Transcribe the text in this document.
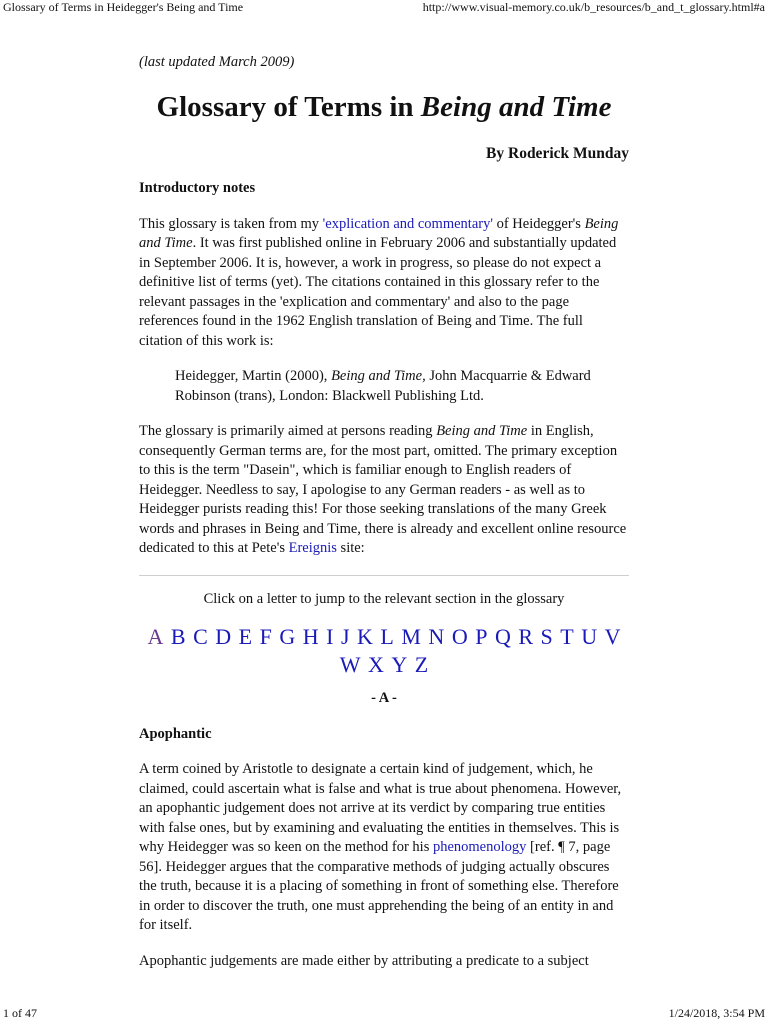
Glossary of Terms in Heidegger's Being and Time	http://www.visual-memory.co.uk/b_resources/b_and_t_glossary.html#a
(last updated March 2009)
Glossary of Terms in Being and Time
By Roderick Munday
Introductory notes

This glossary is taken from my 'explication and commentary' of Heidegger's Being and Time. It was first published online in February 2006 and substantially updated in September 2006. It is, however, a work in progress, so please do not expect a definitive list of terms (yet). The citations contained in this glossary refer to the relevant passages in the 'explication and commentary' and also to the page references found in the 1962 English translation of Being and Time. The full citation of this work is:

Heidegger, Martin (2000), Being and Time, John Macquarrie & Edward Robinson (trans), London: Blackwell Publishing Ltd.

The glossary is primarily aimed at persons reading Being and Time in English, consequently German terms are, for the most part, omitted. The primary exception to this is the term "Dasein", which is familiar enough to English readers of Heidegger. Needless to say, I apologise to any German readers - as well as to Heidegger purists reading this! For those seeking translations of the many Greek words and phrases in Being and Time, there is already and excellent online resource dedicated to this at Pete's Ereignis site:

Click on a letter to jump to the relevant section in the glossary
A B C D E F G H I J K L M N O P Q R S T U V W X Y Z
- A -
Apophantic

A term coined by Aristotle to designate a certain kind of judgement, which, he claimed, could ascertain what is false and what is true about phenomena. However, an apophantic judgement does not arrive at its verdict by comparing true entities with false ones, but by examining and evaluating the entities in themselves. This is why Heidegger was so keen on the method for his phenomenology [ref. ¶ 7, page 56]. Heidegger argues that the comparative methods of judging actually obscures the truth, because it is a placing of something in front of something else. Therefore in order to discover the truth, one must apprehending the being of an entity in and for itself.

Apophantic judgements are made either by attributing a predicate to a subject

1 of 47	1/24/2018, 3:54 PM
